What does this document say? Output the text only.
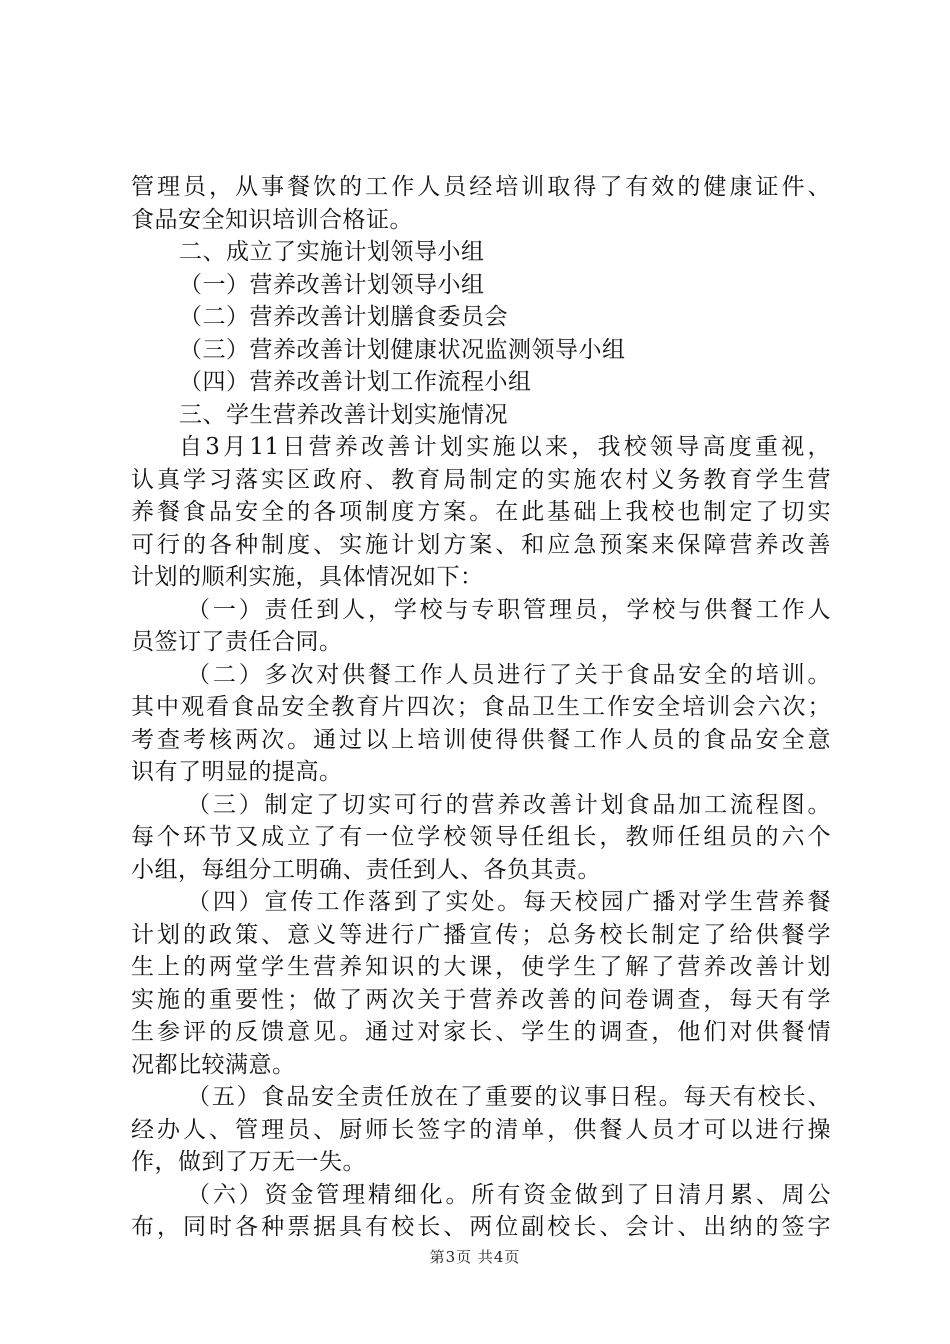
管理员，从事餐饮的工作人员经培训取得了有效的健康证件、
食品安全知识培训合格证。
二、成立了实施计划领导小组
（一）营养改善计划领导小组
（二）营养改善计划膳食委员会
（三）营养改善计划健康状况监测领导小组
（四）营养改善计划工作流程小组
三、学生营养改善计划实施情况
自3月11日营养改善计划实施以来，我校领导高度重视，
认真学习落实区政府、教育局制定的实施农村义务教育学生营
养餐食品安全的各项制度方案。在此基础上我校也制定了切实
可行的各种制度、实施计划方案、和应急预案来保障营养改善
计划的顺利实施，具体情况如下：
（一）责任到人，学校与专职管理员，学校与供餐工作人
员签订了责任合同。
（二）多次对供餐工作人员进行了关于食品安全的培训。
其中观看食品安全教育片四次；食品卫生工作安全培训会六次；
考查考核两次。通过以上培训使得供餐工作人员的食品安全意
识有了明显的提高。
（三）制定了切实可行的营养改善计划食品加工流程图。
每个环节又成立了有一位学校领导任组长，教师任组员的六个
小组，每组分工明确、责任到人、各负其责。
（四）宣传工作落到了实处。每天校园广播对学生营养餐
计划的政策、意义等进行广播宣传；总务校长制定了给供餐学
生上的两堂学生营养知识的大课，使学生了解了营养改善计划
实施的重要性；做了两次关于营养改善的问卷调查，每天有学
生参评的反馈意见。通过对家长、学生的调查，他们对供餐情
况都比较满意。
（五）食品安全责任放在了重要的议事日程。每天有校长、
经办人、管理员、厨师长签字的清单，供餐人员才可以进行操
作，做到了万无一失。
（六）资金管理精细化。所有资金做到了日清月累、周公
布，同时各种票据具有校长、两位副校长、会计、出纳的签字
第3页 共4页
